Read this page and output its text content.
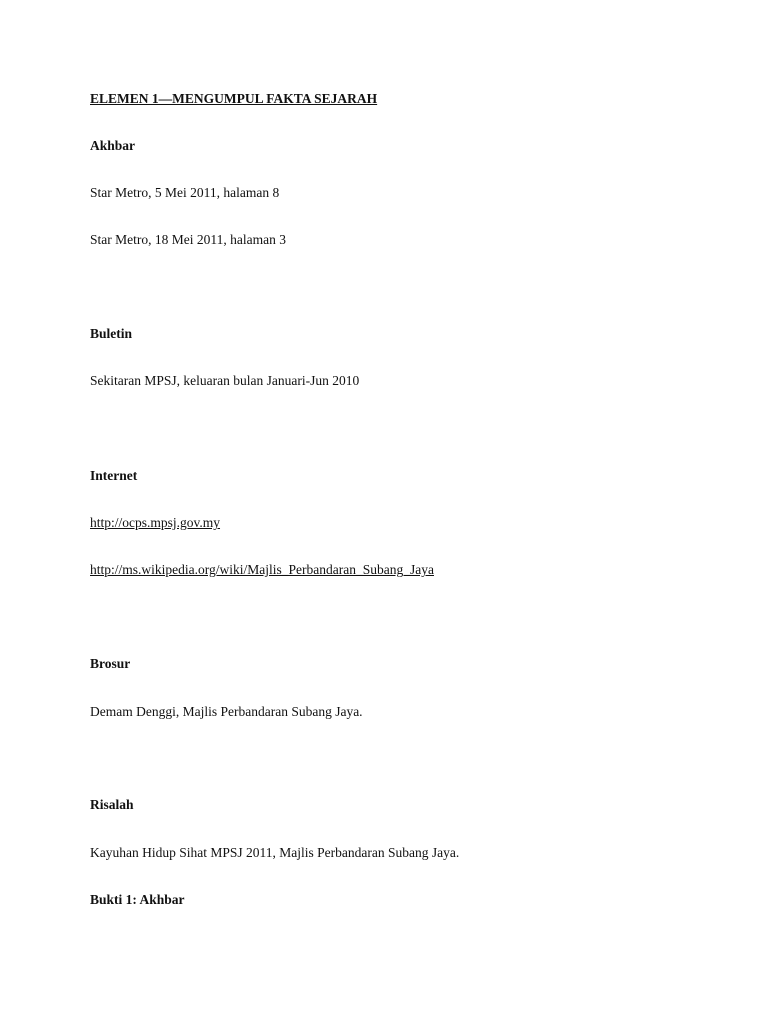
ELEMEN 1—MENGUMPUL FAKTA SEJARAH
Akhbar
Star Metro, 5 Mei 2011, halaman 8
Star Metro, 18 Mei 2011, halaman 3
Buletin
Sekitaran MPSJ, keluaran bulan Januari-Jun 2010
Internet
http://ocps.mpsj.gov.my
http://ms.wikipedia.org/wiki/Majlis_Perbandaran_Subang_Jaya
Brosur
Demam Denggi, Majlis Perbandaran Subang Jaya.
Risalah
Kayuhan Hidup Sihat MPSJ 2011, Majlis Perbandaran Subang Jaya.
Bukti 1: Akhbar
